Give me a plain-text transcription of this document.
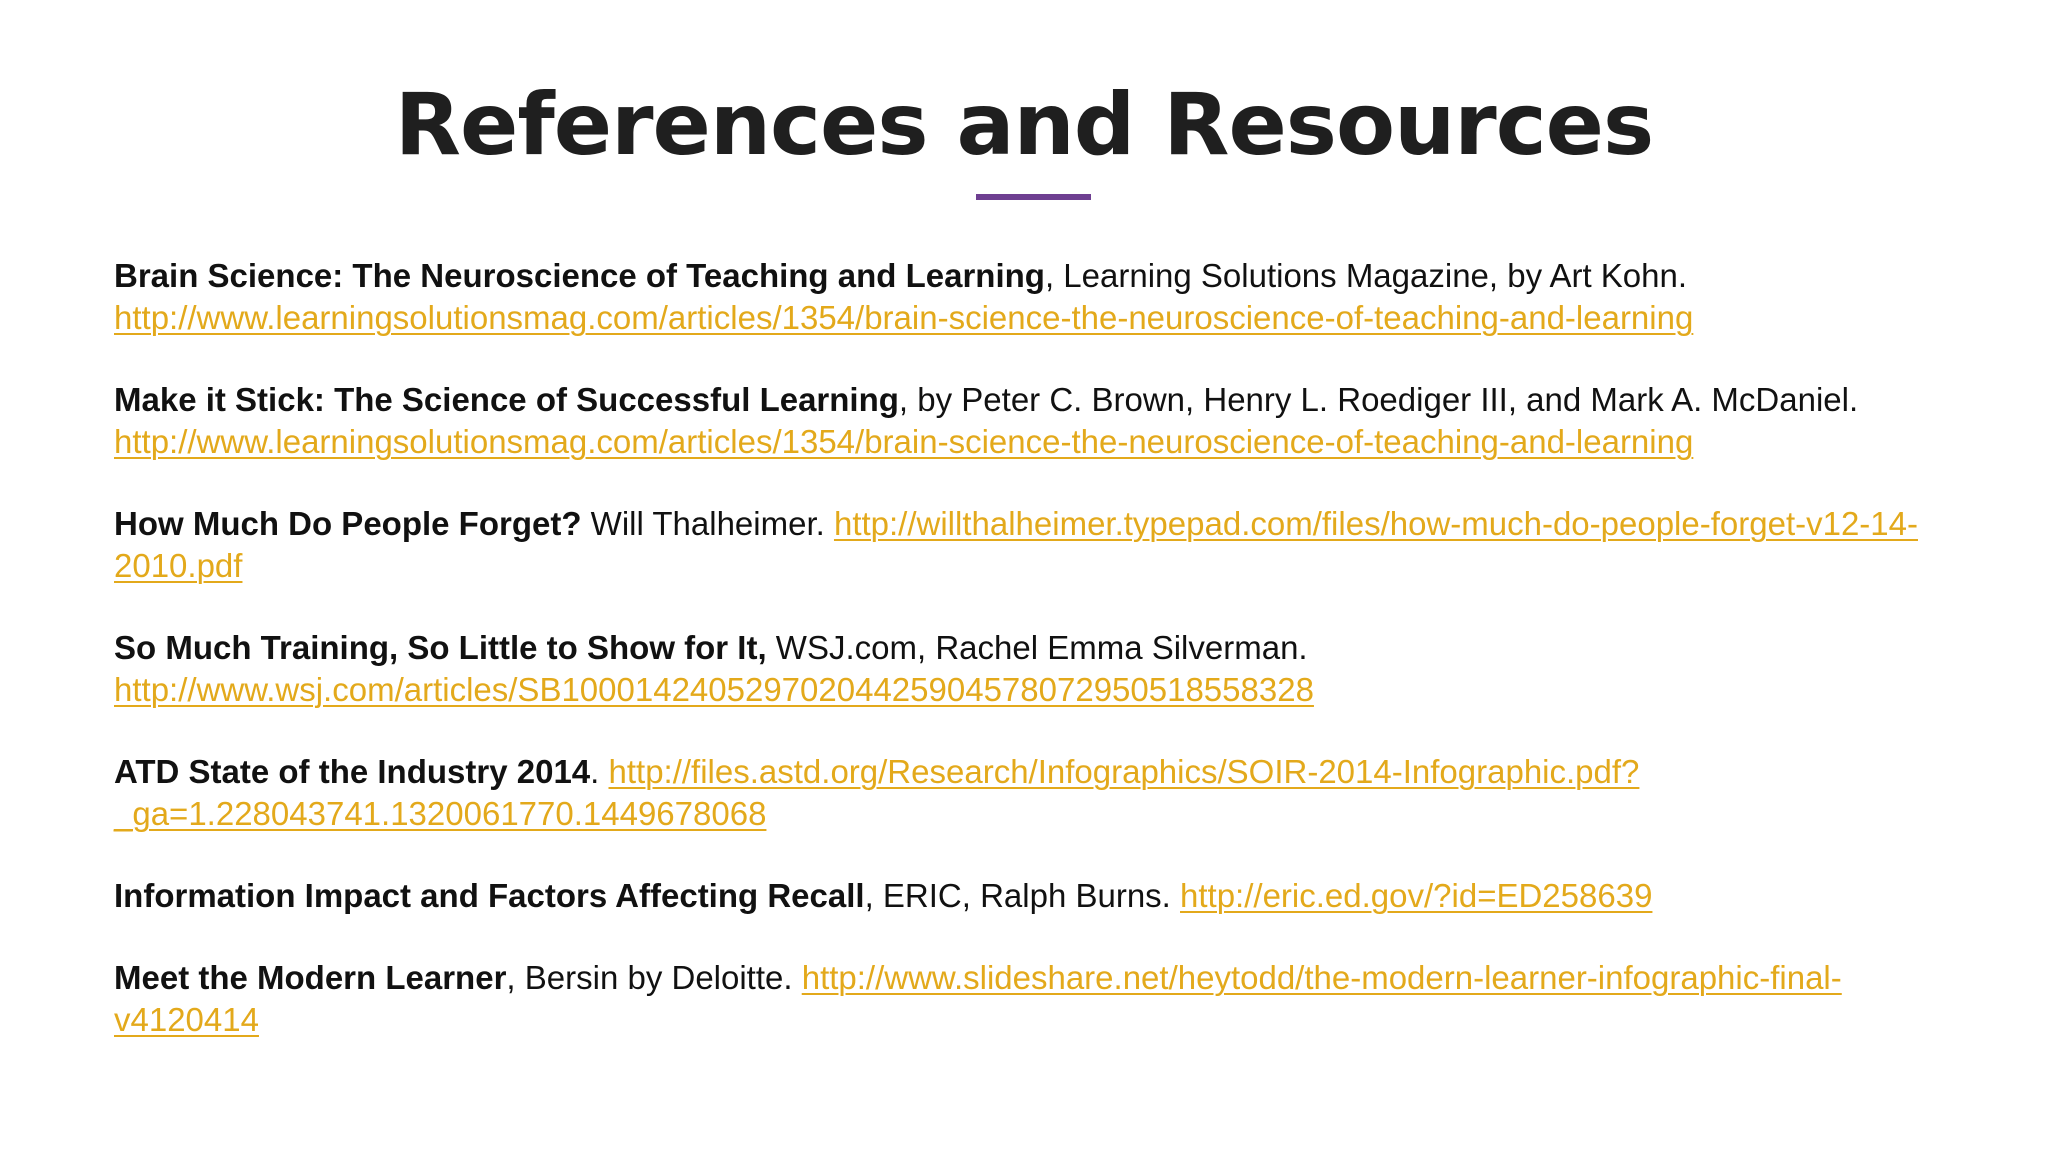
References and Resources
Brain Science: The Neuroscience of Teaching and Learning, Learning Solutions Magazine, by Art Kohn.
http://www.learningsolutionsmag.com/articles/1354/brain-science-the-neuroscience-of-teaching-and-learning
Make it Stick: The Science of Successful Learning, by Peter C. Brown, Henry L. Roediger III, and Mark A. McDaniel.
http://www.learningsolutionsmag.com/articles/1354/brain-science-the-neuroscience-of-teaching-and-learning
How Much Do People Forget? Will Thalheimer. http://willthalheimer.typepad.com/files/how-much-do-people-forget-v12-14-2010.pdf
So Much Training, So Little to Show for It, WSJ.com, Rachel Emma Silverman.
http://www.wsj.com/articles/SB10001424052970204425904578072950518558328
ATD State of the Industry 2014. http://files.astd.org/Research/Infographics/SOIR-2014-Infographic.pdf?_ga=1.228043741.1320061770.1449678068
Information Impact and Factors Affecting Recall, ERIC, Ralph Burns. http://eric.ed.gov/?id=ED258639
Meet the Modern Learner, Bersin by Deloitte. http://www.slideshare.net/heytodd/the-modern-learner-infographic-final-v4120414
